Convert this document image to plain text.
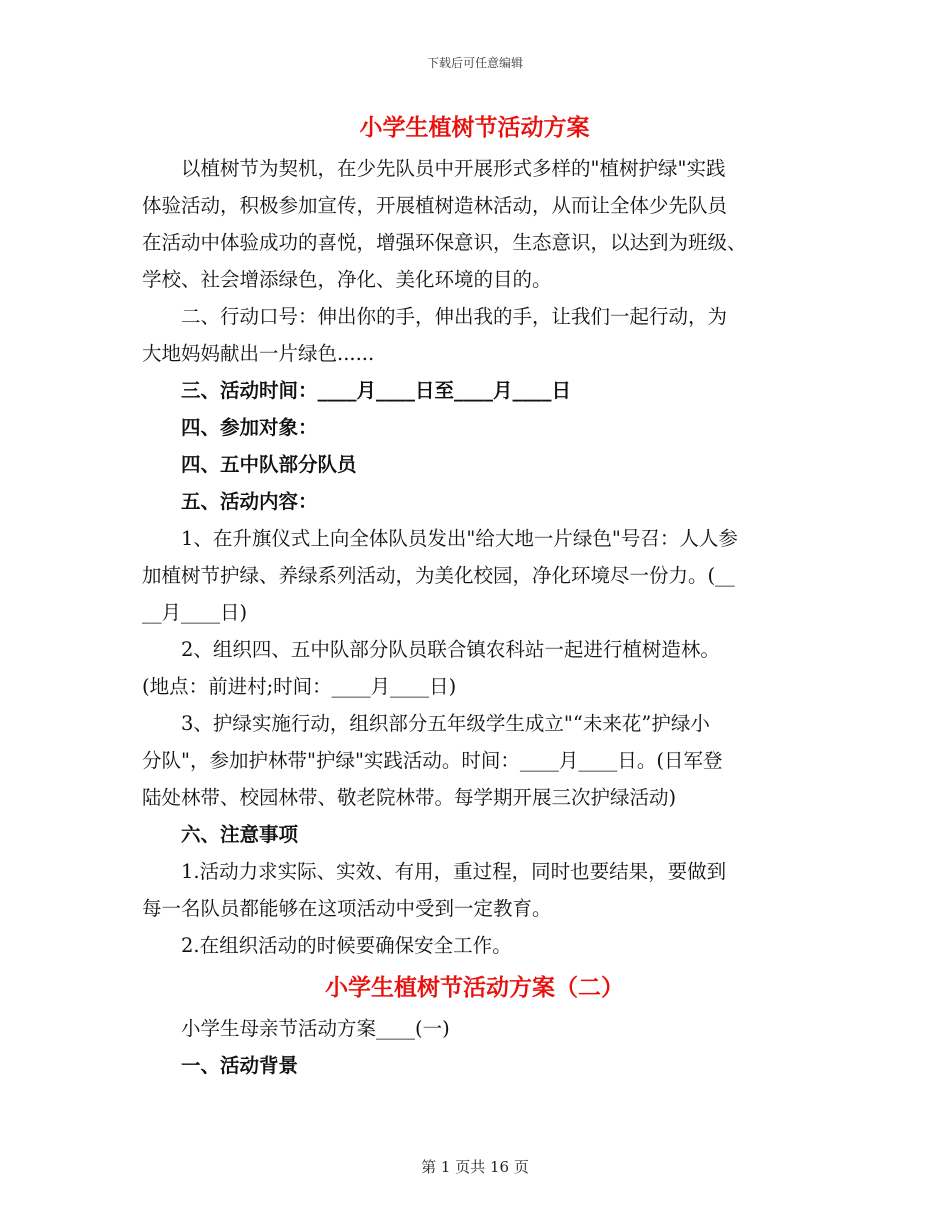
下载后可任意编辑
小学生植树节活动方案
以植树节为契机，在少先队员中开展形式多样的"植树护绿"实践
体验活动，积极参加宣传，开展植树造林活动，从而让全体少先队员
在活动中体验成功的喜悦，增强环保意识，生态意识，以达到为班级、
学校、社会增添绿色，净化、美化环境的目的。
二、行动口号：伸出你的手，伸出我的手，让我们一起行动，为
大地妈妈献出一片绿色......

三、活动时间：____月____日至____月____日

四、参加对象：

四、五中队部分队员

五、活动内容：

1、在升旗仪式上向全体队员发出"给大地一片绿色"号召：人人参
加植树节护绿、养绿系列活动，为美化校园，净化环境尽一份力。(__
__月____日)
2、组织四、五中队部分队员联合镇农科站一起进行植树造林。
(地点：前进村;时间：____月____日)
3、护绿实施行动，组织部分五年级学生成立"“未来花”护绿小
分队"，参加护林带"护绿"实践活动。时间：____月____日。(日军登
陆处林带、校园林带、敬老院林带。每学期开展三次护绿活动)

六、注意事项

1.活动力求实际、实效、有用，重过程，同时也要结果，要做到
每一名队员都能够在这项活动中受到一定教育。

2.在组织活动的时候要确保安全工作。

小学生植树节活动方案（二）

小学生母亲节活动方案____(一)

一、活动背景

第 1 页共 16 页
